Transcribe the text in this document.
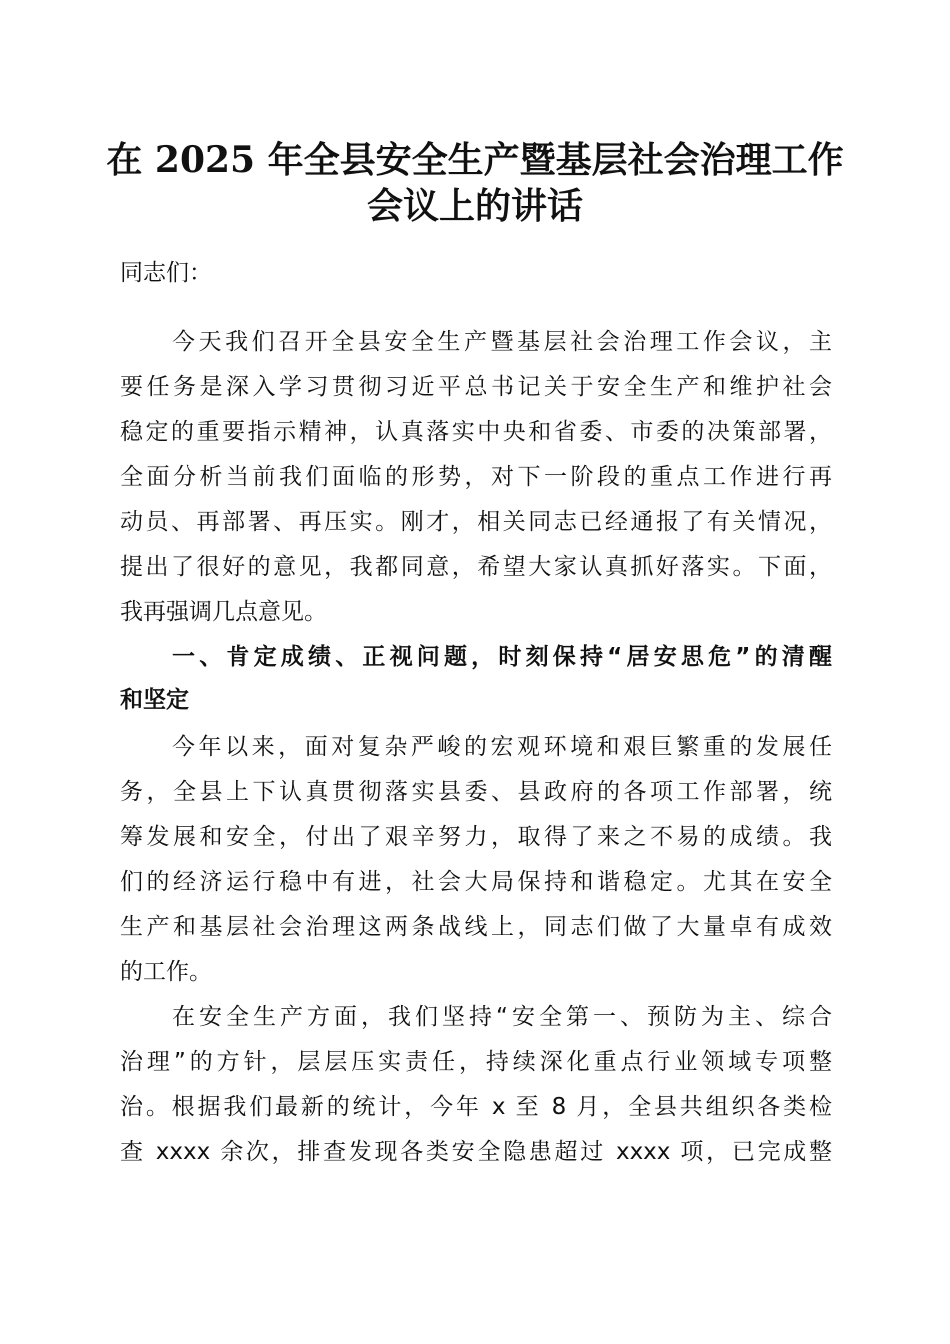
在 2025 年全县安全生产暨基层社会治理工作
会议上的讲话
同志们：
今天我们召开全县安全生产暨基层社会治理工作会议，主
要任务是深入学习贯彻习近平总书记关于安全生产和维护社会
稳定的重要指示精神，认真落实中央和省委、市委的决策部署，
全面分析当前我们面临的形势，对下一阶段的重点工作进行再
动员、再部署、再压实。刚才，相关同志已经通报了有关情况，
提出了很好的意见，我都同意，希望大家认真抓好落实。下面，
我再强调几点意见。
一、肯定成绩、正视问题，时刻保持“居安思危”的清醒
和坚定
今年以来，面对复杂严峻的宏观环境和艰巨繁重的发展任
务，全县上下认真贯彻落实县委、县政府的各项工作部署，统
筹发展和安全，付出了艰辛努力，取得了来之不易的成绩。我
们的经济运行稳中有进，社会大局保持和谐稳定。尤其在安全
生产和基层社会治理这两条战线上，同志们做了大量卓有成效
的工作。
在安全生产方面，我们坚持“安全第一、预防为主、综合
治理”的方针，层层压实责任，持续深化重点行业领域专项整
治。根据我们最新的统计，今年 x 至 8 月，全县共组织各类检
查 xxxx 余次，排查发现各类安全隐患超过 xxxx 项，已完成整
